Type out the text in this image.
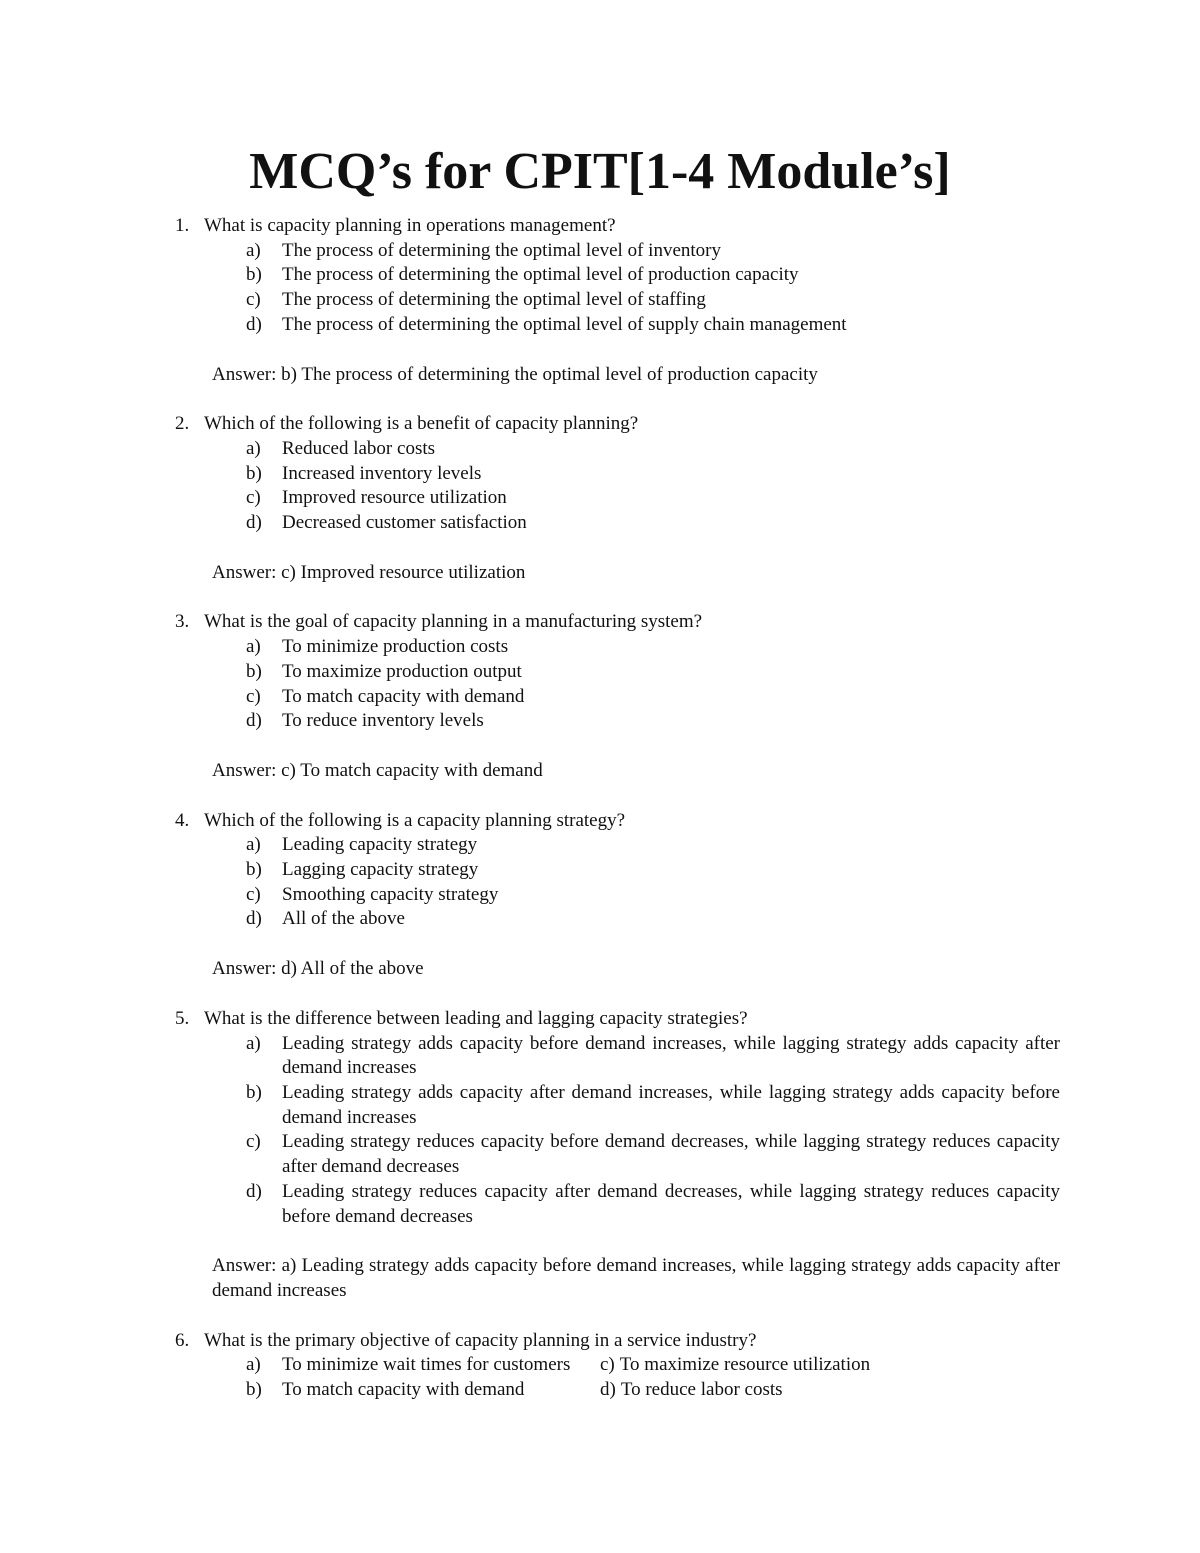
MCQ’s for CPIT[1-4 Module’s]
1. What is capacity planning in operations management?
a)	The process of determining the optimal level of inventory
b)	The process of determining the optimal level of production capacity
c)	The process of determining the optimal level of staffing
d)	The process of determining the optimal level of supply chain management
Answer: b) The process of determining the optimal level of production capacity
2. Which of the following is a benefit of capacity planning?
a)	Reduced labor costs
b)	Increased inventory levels
c)	Improved resource utilization
d)	Decreased customer satisfaction
Answer: c) Improved resource utilization
3. What is the goal of capacity planning in a manufacturing system?
a)	To minimize production costs
b)	To maximize production output
c)	To match capacity with demand
d)	To reduce inventory levels
Answer: c) To match capacity with demand
4. Which of the following is a capacity planning strategy?
a)	Leading capacity strategy
b)	Lagging capacity strategy
c)	Smoothing capacity strategy
d)	All of the above
Answer: d) All of the above
5. What is the difference between leading and lagging capacity strategies?
a)	Leading strategy adds capacity before demand increases, while lagging strategy adds capacity after demand increases
b)	Leading strategy adds capacity after demand increases, while lagging strategy adds capacity before demand increases
c)	Leading strategy reduces capacity before demand decreases, while lagging strategy reduces capacity after demand decreases
d)	Leading strategy reduces capacity after demand decreases, while lagging strategy reduces capacity before demand decreases
Answer: a) Leading strategy adds capacity before demand increases, while lagging strategy adds capacity after demand increases
6. What is the primary objective of capacity planning in a service industry?
a)	To minimize wait times for customers	c) To maximize resource utilization
b)	To match capacity with demand	d) To reduce labor costs
